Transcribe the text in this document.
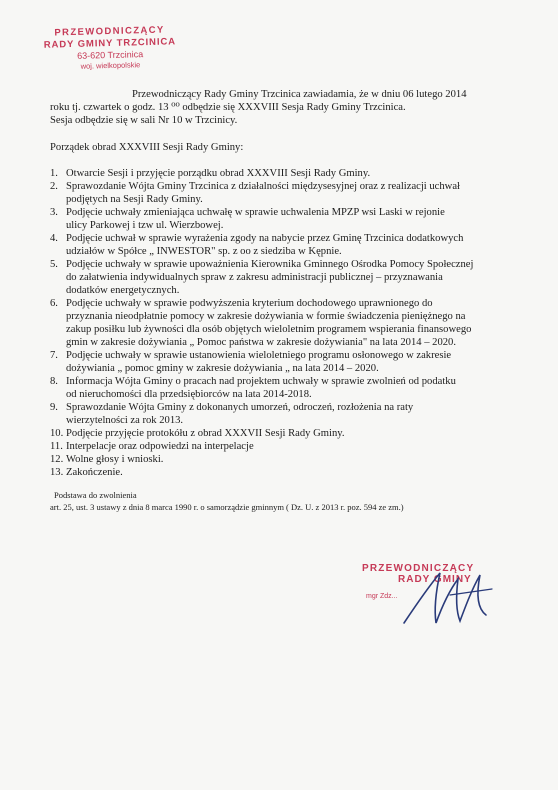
PRZEWODNICZĄCY
RADY GMINY TRZCINICA
63-620 Trzcinica
woj. wielkopolskie
Przewodniczący Rady Gminy Trzcinica zawiadamia, że w dniu 06 lutego 2014
roku tj. czwartek o godz. 13 ⁰⁰ odbędzie się XXXVIII Sesja Rady Gminy Trzcinica.
Sesja odbędzie się w sali Nr 10 w Trzcinicy.
Porządek obrad XXXVIII Sesji Rady Gminy:
1. Otwarcie Sesji i przyjęcie porządku obrad XXXVIII Sesji Rady Gminy.
2. Sprawozdanie Wójta Gminy Trzcinica z działalności międzysesyjnej oraz z realizacji uchwał
podjętych na Sesji Rady Gminy.
3. Podjęcie uchwały zmieniająca uchwałę w sprawie uchwalenia MPZP wsi Laski w rejonie
ulicy Parkowej i tzw ul. Wierzbowej.
4. Podjęcie uchwał w sprawie wyrażenia zgody na nabycie przez Gminę Trzcinica dodatkowych
udziałów w Spółce „ INWESTOR" sp. z oo z siedziba w Kępnie.
5. Podjęcie uchwały w sprawie upoważnienia Kierownika Gminnego Ośrodka Pomocy Społecznej
do załatwienia indywidualnych spraw z zakresu administracji publicznej – przyznawania
dodatków energetycznych.
6. Podjęcie uchwały w sprawie podwyższenia kryterium dochodowego uprawnionego do
przyznania nieodpłatnie pomocy w zakresie dożywiania w formie świadczenia pieniężnego na
zakup posiłku lub żywności dla osób objętych wieloletnim programem wspierania finansowego
gmin w zakresie dożywiania „ Pomoc państwa w zakresie dożywiania" na lata 2014 – 2020.
7. Podjęcie uchwały w sprawie ustanowienia wieloletniego programu osłonowego w zakresie
dożywiania „ pomoc gminy w zakresie dożywiania „ na lata 2014 – 2020.
8. Informacja Wójta Gminy o pracach nad projektem uchwały w sprawie zwolnień od podatku
od nieruchomości dla przedsiębiorców na lata 2014-2018.
9. Sprawozdanie Wójta Gminy z dokonanych umorzeń, odroczeń, rozłożenia na raty
wierzytelności za rok 2013.
10. Podjęcie przyjęcie protokółu z obrad XXXVII Sesji Rady Gminy.
11. Interpelacje oraz odpowiedzi na interpelacje
12. Wolne głosy i wnioski.
13. Zakończenie.
Podstawa do zwolnienia
art. 25, ust. 3 ustawy z dnia 8 marca 1990 r. o samorządzie gminnym ( Dz. U. z 2013 r. poz. 594 ze zm.)
PRZEWODNICZĄCY
RADY GMINY
mgr Zdz...
